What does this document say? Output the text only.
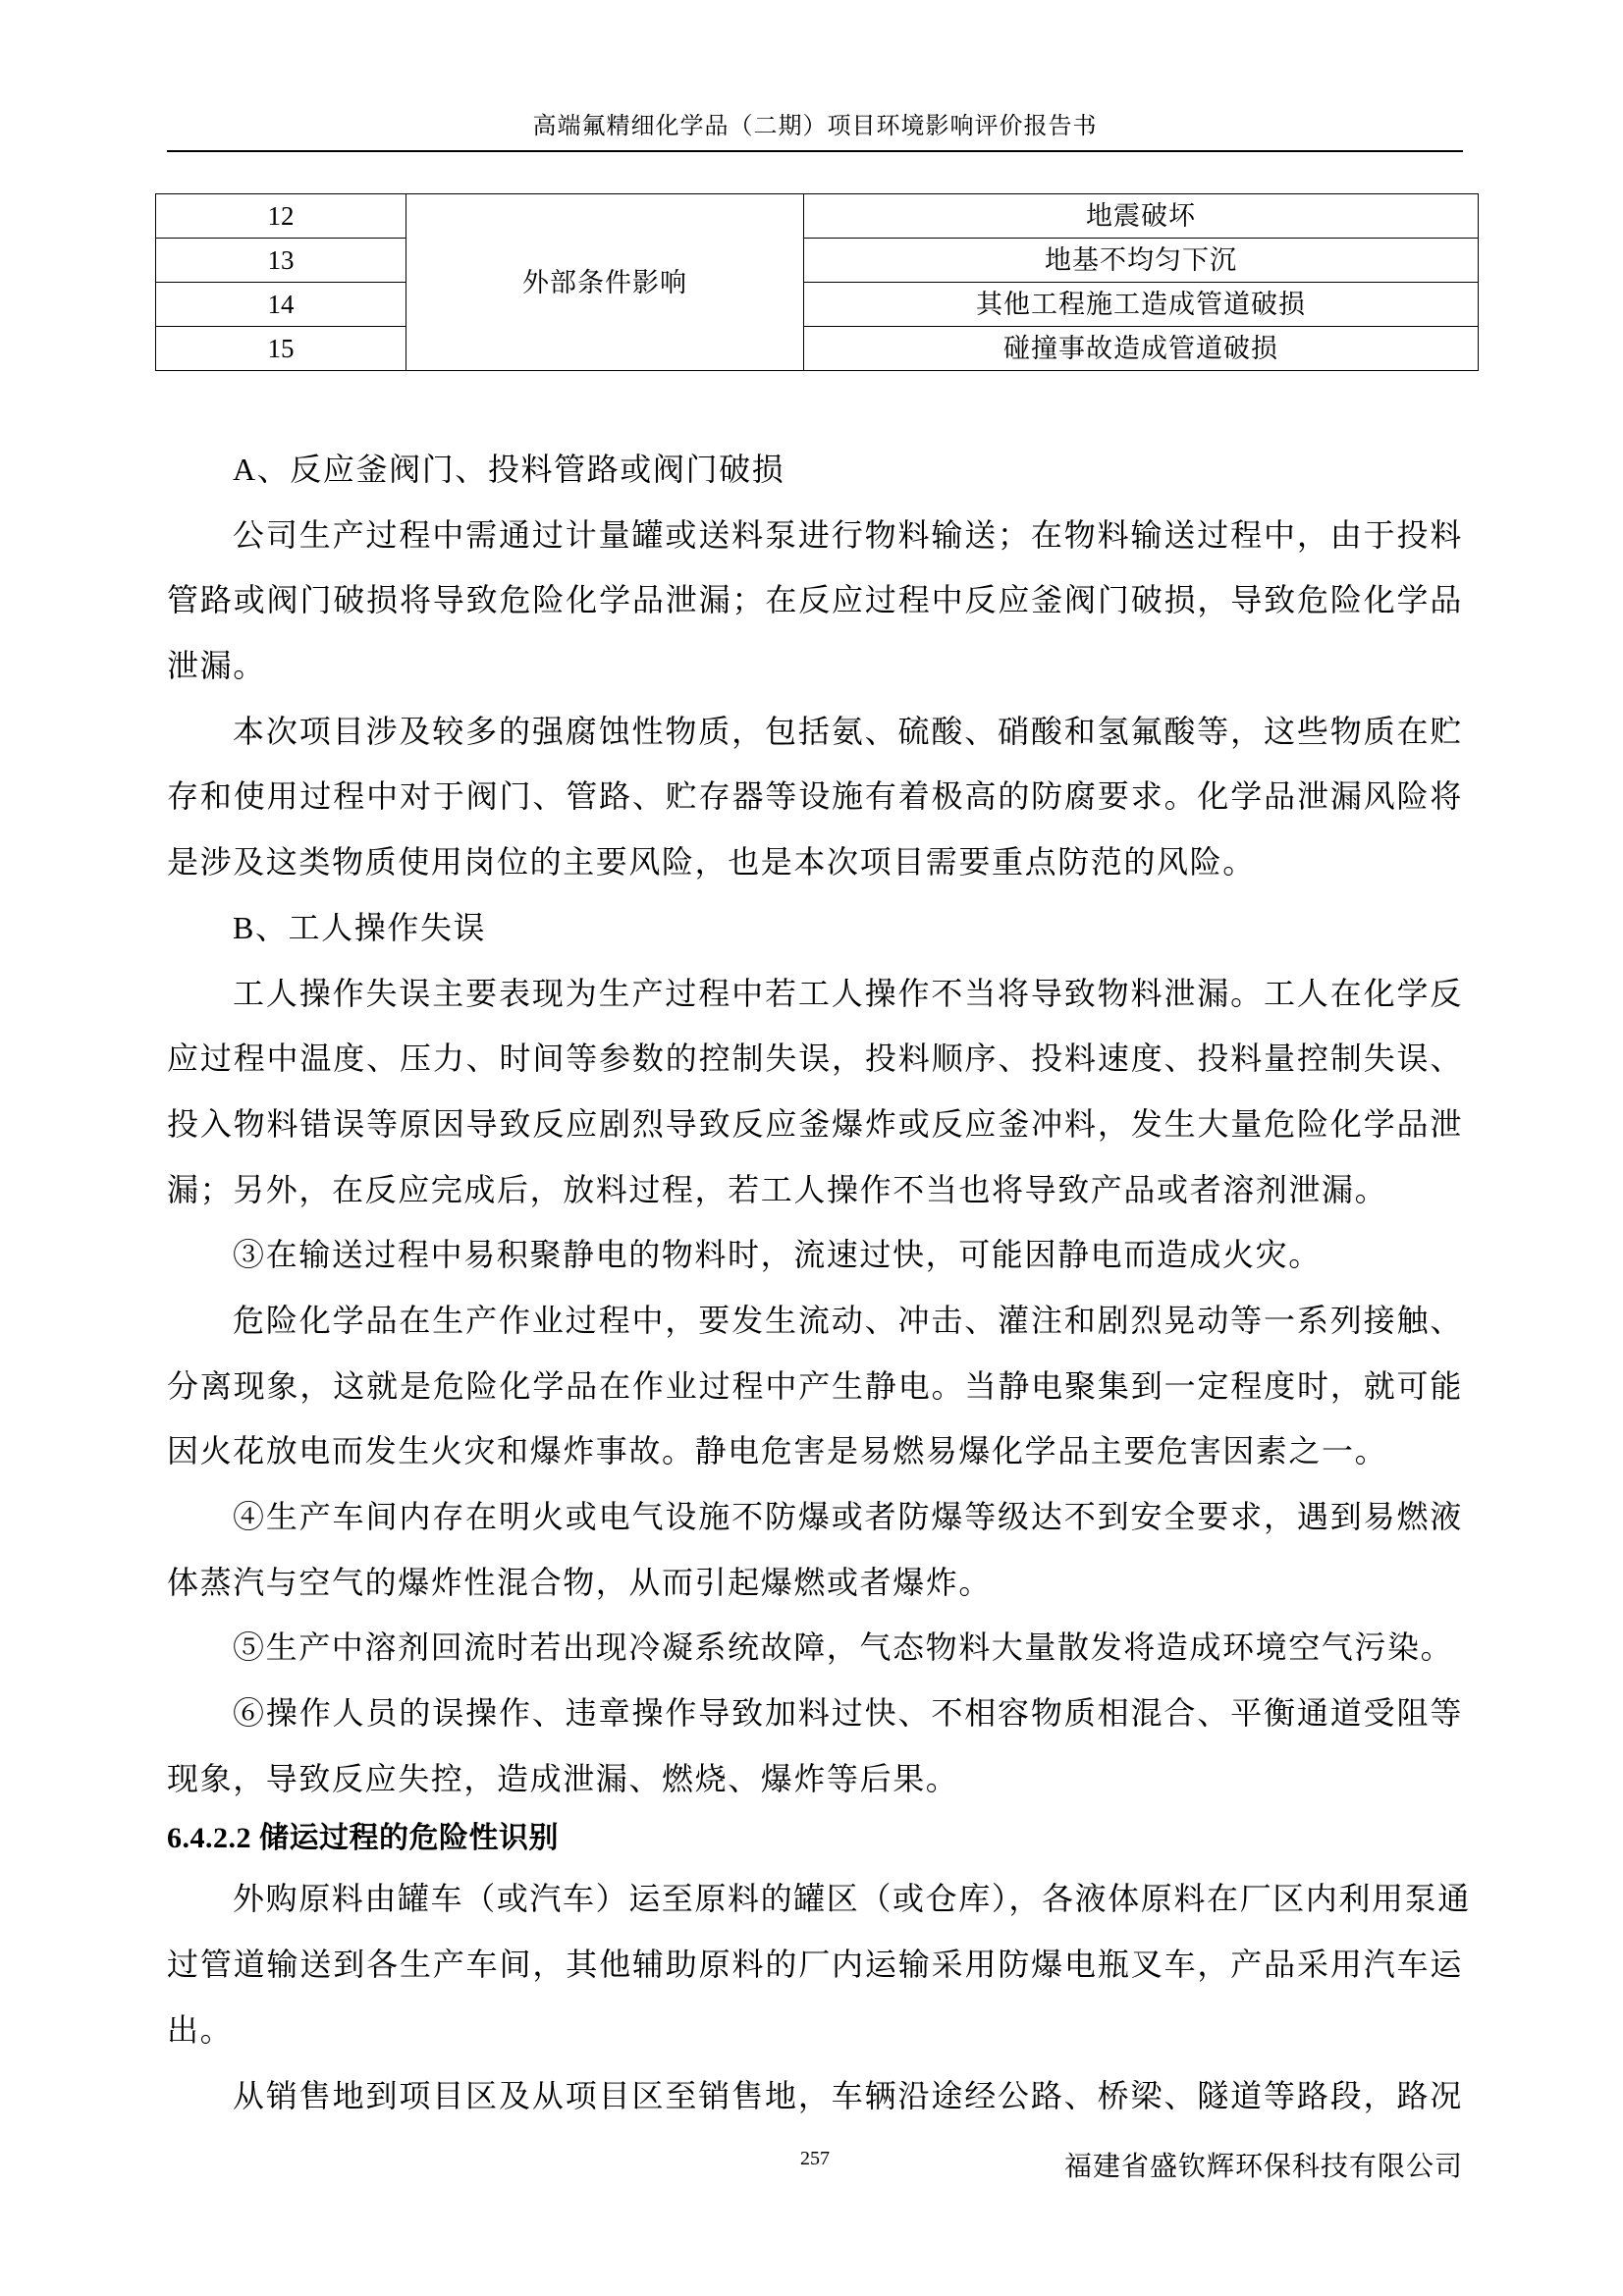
高端氟精细化学品（二期）项目环境影响评价报告书
12	外部条件影响	地震破坏
13		地基不均匀下沉
14		其他工程施工造成管道破损
15		碰撞事故造成管道破损
A、反应釜阀门、投料管路或阀门破损
公司生产过程中需通过计量罐或送料泵进行物料输送；在物料输送过程中，由于投料
管路或阀门破损将导致危险化学品泄漏；在反应过程中反应釜阀门破损，导致危险化学品
泄漏。
本次项目涉及较多的强腐蚀性物质，包括氨、硫酸、硝酸和氢氟酸等，这些物质在贮
存和使用过程中对于阀门、管路、贮存器等设施有着极高的防腐要求。化学品泄漏风险将
是涉及这类物质使用岗位的主要风险，也是本次项目需要重点防范的风险。
B、工人操作失误
工人操作失误主要表现为生产过程中若工人操作不当将导致物料泄漏。工人在化学反
应过程中温度、压力、时间等参数的控制失误，投料顺序、投料速度、投料量控制失误、
投入物料错误等原因导致反应剧烈导致反应釜爆炸或反应釜冲料，发生大量危险化学品泄
漏；另外，在反应完成后，放料过程，若工人操作不当也将导致产品或者溶剂泄漏。
③在输送过程中易积聚静电的物料时，流速过快，可能因静电而造成火灾。
危险化学品在生产作业过程中，要发生流动、冲击、灌注和剧烈晃动等一系列接触、
分离现象，这就是危险化学品在作业过程中产生静电。当静电聚集到一定程度时，就可能
因火花放电而发生火灾和爆炸事故。静电危害是易燃易爆化学品主要危害因素之一。
④生产车间内存在明火或电气设施不防爆或者防爆等级达不到安全要求，遇到易燃液
体蒸汽与空气的爆炸性混合物，从而引起爆燃或者爆炸。
⑤生产中溶剂回流时若出现冷凝系统故障，气态物料大量散发将造成环境空气污染。
⑥操作人员的误操作、违章操作导致加料过快、不相容物质相混合、平衡通道受阻等
现象，导致反应失控，造成泄漏、燃烧、爆炸等后果。
6.4.2.2 储运过程的危险性识别
外购原料由罐车（或汽车）运至原料的罐区（或仓库），各液体原料在厂区内利用泵通
过管道输送到各生产车间，其他辅助原料的厂内运输采用防爆电瓶叉车，产品采用汽车运
出。
从销售地到项目区及从项目区至销售地，车辆沿途经公路、桥梁、隧道等路段，路况
257	福建省盛钦辉环保科技有限公司
